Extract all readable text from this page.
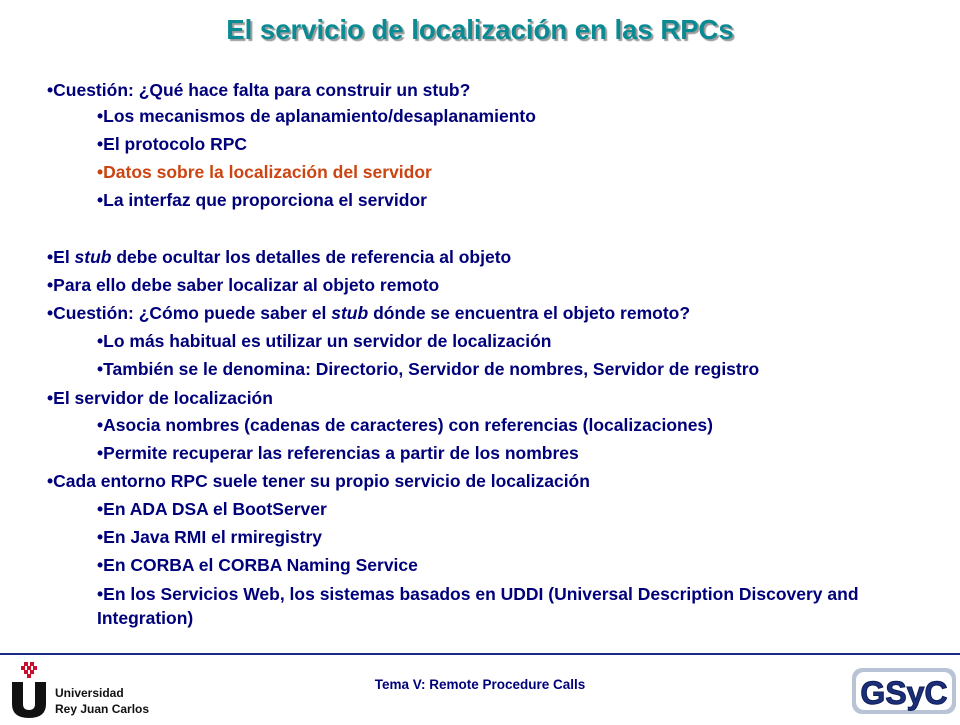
El servicio de localización en las RPCs
•Cuestión: ¿Qué hace falta para construir un stub?
•Los mecanismos de aplanamiento/desaplanamiento
•El protocolo RPC
•Datos sobre la localización del servidor
•La interfaz que proporciona el servidor
•El stub debe ocultar los detalles de referencia al objeto
•Para ello debe saber localizar al objeto remoto
•Cuestión: ¿Cómo puede saber el stub dónde se encuentra el objeto remoto?
•Lo más habitual es utilizar un servidor de localización
•También se le denomina: Directorio, Servidor de nombres, Servidor de registro
•El servidor de localización
•Asocia nombres (cadenas de caracteres) con referencias (localizaciones)
•Permite recuperar las referencias a partir de los nombres
•Cada entorno RPC suele tener su propio servicio de localización
•En ADA DSA el BootServer
•En Java RMI el rmiregistry
•En CORBA el CORBA Naming Service
•En los Servicios Web, los sistemas basados en UDDI (Universal Description Discovery and Integration)
Universidad
Rey Juan Carlos
Tema V: Remote Procedure Calls	GSyC
